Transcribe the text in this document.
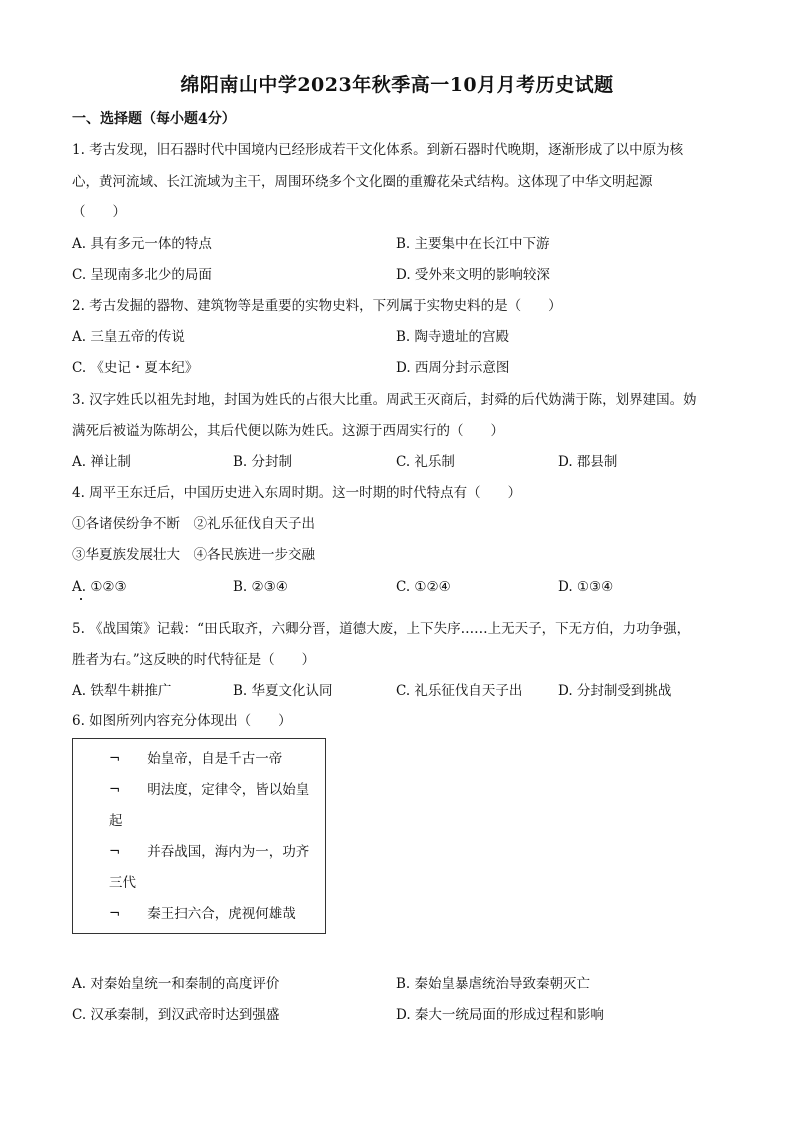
绵阳南山中学2023年秋季高一10月月考历史试题
一、选择题（每小题4分）
1. 考古发现，旧石器时代中国境内已经形成若干文化体系。到新石器时代晚期，逐渐形成了以中原为核
心，黄河流域、长江流域为主干，周围环绕多个文化圈的重瓣花朵式结构。这体现了中华文明起源
（　　）
A. 具有多元一体的特点	B. 主要集中在长江中下游
C. 呈现南多北少的局面	D. 受外来文明的影响较深
2. 考古发掘的器物、建筑物等是重要的实物史料，下列属于实物史料的是（　　）
A. 三皇五帝的传说	B. 陶寺遗址的宫殿
C. 《史记・夏本纪》	D. 西周分封示意图
3. 汉字姓氏以祖先封地，封国为姓氏的占很大比重。周武王灭商后，封舜的后代妫满于陈，划界建国。妫
满死后被谥为陈胡公，其后代便以陈为姓氏。这源于西周实行的（　　）
A. 禅让制	B. 分封制	C. 礼乐制	D. 郡县制
4. 周平王东迁后，中国历史进入东周时期。这一时期的时代特点有（　　）
①各诸侯纷争不断　②礼乐征伐自天子出
③华夏族发展壮大　④各民族进一步交融
A. ①②③	B. ②③④	C. ①②④	D. ①③④
5. 《战国策》记载：“田氏取齐，六卿分晋，道德大废，上下失序……上无天子，下无方伯，力功争强，
胜者为右。”这反映的时代特征是（　　）
A. 铁犁牛耕推广	B. 华夏文化认同	C. 礼乐征伐自天子出	D. 分封制受到挑战
6. 如图所列内容充分体现出（　　）
¬　　始皇帝，自是千古一帝
¬　　明法度，定律令，皆以始皇
起
¬　　并吞战国，海内为一，功齐
三代
¬　　秦王扫六合，虎视何雄哉
A. 对秦始皇统一和秦制的高度评价	B. 秦始皇暴虐统治导致秦朝灭亡
C. 汉承秦制，到汉武帝时达到强盛	D. 秦大一统局面的形成过程和影响
